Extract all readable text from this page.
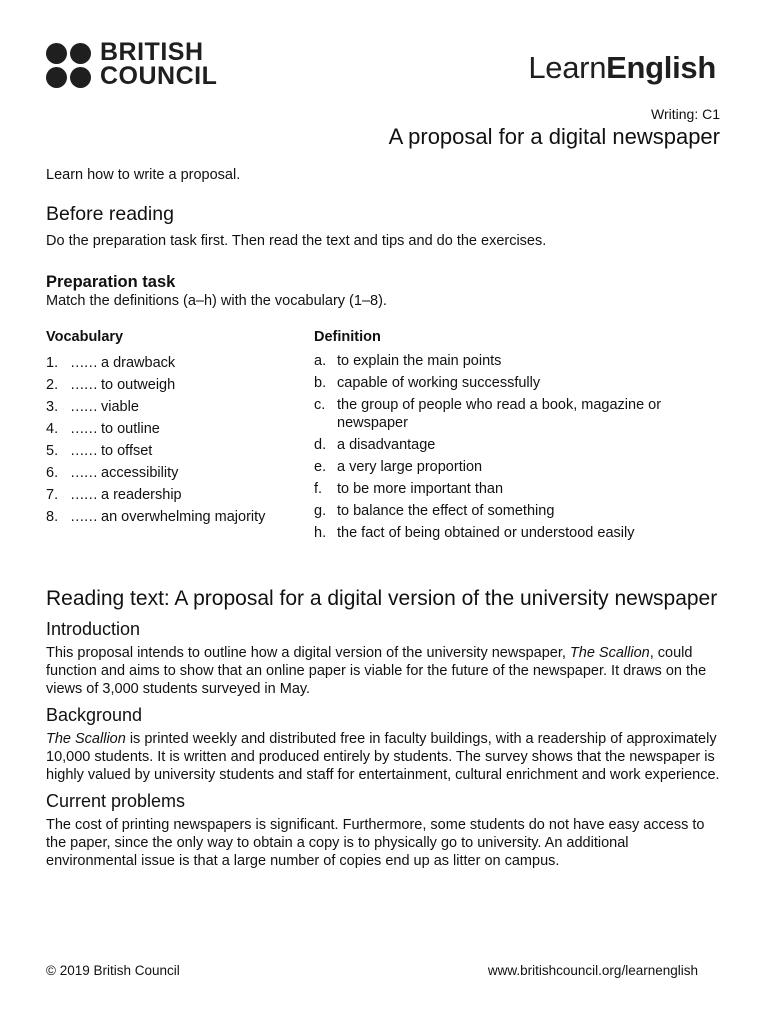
BRITISH
COUNCIL	LearnEnglish
Writing: C1
A proposal for a digital newspaper
Learn how to write a proposal.
Before reading
Do the preparation task first. Then read the text and tips and do the exercises.
Preparation task
Match the definitions (a–h) with the vocabulary (1–8).
Vocabulary
1. …… a drawback
2. …… to outweigh
3. …… viable
4. …… to outline
5. …… to offset
6. …… accessibility
7. …… a readership
8. …… an overwhelming majority
Definition
a. to explain the main points
b. capable of working successfully
c. the group of people who read a book, magazine or newspaper
d. a disadvantage
e. a very large proportion
f.	to be more important than
g. to balance the effect of something
h. the fact of being obtained or understood easily
Reading text: A proposal for a digital version of the university newspaper
Introduction

This proposal intends to outline how a digital version of the university newspaper, The Scallion, could function and aims to show that an online paper is viable for the future of the newspaper. It draws on the views of 3,000 students surveyed in May.

Background

The Scallion is printed weekly and distributed free in faculty buildings, with a readership of approximately 10,000 students. It is written and produced entirely by students. The survey shows that the newspaper is highly valued by university students and staff for entertainment, cultural enrichment and work experience.

Current problems

The cost of printing newspapers is significant. Furthermore, some students do not have easy access to the paper, since the only way to obtain a copy is to physically go to university. An additional environmental issue is that a large number of copies end up as litter on campus.

© 2019 British Council	www.britishcouncil.org/learnenglish
